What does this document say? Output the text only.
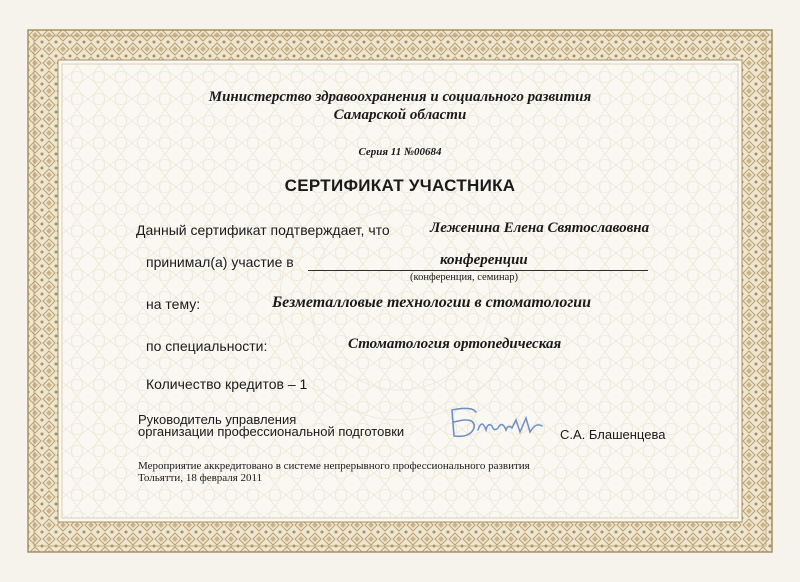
Министерство здравоохранения и социального развития
Самарской области
Серия 11 №00684
СЕРТИФИКАТ УЧАСТНИКА
Данный сертификат подтверждает, что	Леженина Елена Святославовна
принимал(а) участие в	конференции
(конференция, семинар)
на тему:	Безметалловые технологии в стоматологии
по специальности:	Стоматология ортопедическая
Количество кредитов – 1
Руководитель управления
организации профессиональной подготовки	С.А. Блашенцева
Мероприятие аккредитовано в системе непрерывного профессионального развития
Тольятти, 18 февраля 2011
